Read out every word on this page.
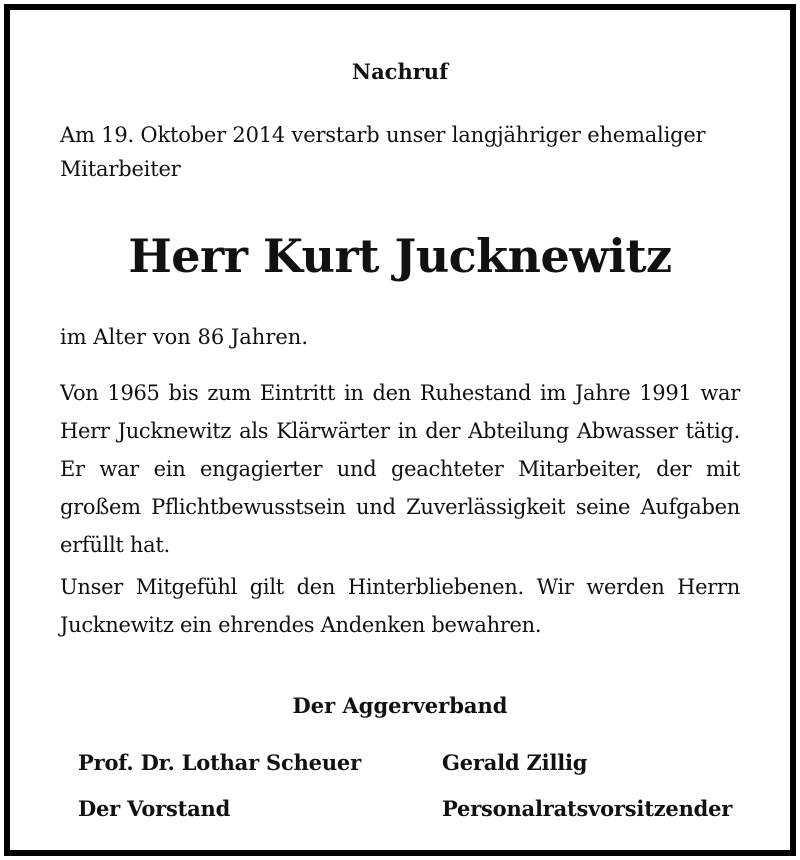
Nachruf
Am 19. Oktober 2014 verstarb unser langjähriger ehemaliger Mitarbeiter
Herr Kurt Jucknewitz
im Alter von 86 Jahren.
Von 1965 bis zum Eintritt in den Ruhestand im Jahre 1991 war Herr Jucknewitz als Klärwärter in der Abteilung Abwasser tätig. Er war ein engagierter und geachteter Mitarbeiter, der mit großem Pflichtbewusstsein und Zuverlässigkeit seine Aufgaben erfüllt hat.
Unser Mitgefühl gilt den Hinterbliebenen. Wir werden Herrn Jucknewitz ein ehrendes Andenken bewahren.
Der Aggerverband
Prof. Dr. Lothar Scheuer
Der Vorstand
Gerald Zillig
Personalratsvorsitzender
